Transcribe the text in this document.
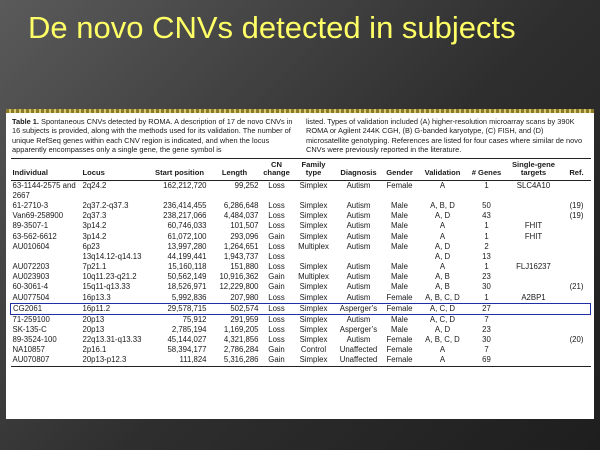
De novo CNVs detected in subjects
Table 1. Spontaneous CNVs detected by ROMA. A description of 17 de novo CNVs in 16 subjects is provided, along with the methods used for its validation. The number of unique RefSeq genes within each CNV region is indicated, and when the locus apparently encompasses only a single gene, the gene symbol is
listed. Types of validation included (A) higher-resolution microarray scans by 390K ROMA or Agilent 244K CGH, (B) G-banded karyotype, (C) FISH, and (D) microsatellite genotyping. References are listed for four cases where similar de novo CNVs were previously reported in the literature.
Individual	Locus	Start position	Length	CN change	Family type	Diagnosis	Gender	Validation	# Genes	Single-gene targets	Ref.
63-1144-2575 and	2q24.2	162,212,720	99,252	Loss	Simplex	Autism	Female	A	1	SLC4A10	
2667											
61-2710-3	2q37.2-q37.3	236,414,455	6,286,648	Loss	Simplex	Autism	Male	A, B, D	50		(19)
Van69-258900	2q37.3	238,217,066	4,484,037	Loss	Simplex	Autism	Male	A, D	43		(19)
89-3507-1	3p14.2	60,746,033	101,507	Loss	Simplex	Autism	Male	A	1	FHIT	
63-562-6612	3p14.2	61,072,100	293,096	Gain	Simplex	Autism	Male	A	1	FHIT	
AU010604	6p23	13,997,280	1,264,651	Loss	Multiplex	Autism	Male	A, D	2		
	13q14.12-q14.13	44,199,441	1,943,737	Loss				A, D	13		
AU072203	7p21.1	15,160,118	151,880	Loss	Simplex	Autism	Male	A	1	FLJ16237	
AU023903	10q11.23-q21.2	50,562,149	10,916,362	Gain	Multiplex	Autism	Male	A, B	23		
60-3061-4	15q11-q13.33	18,526,971	12,229,800	Gain	Simplex	Autism	Male	A, B	30		(21)
AU077504	16p13.3	5,992,836	207,980	Loss	Simplex	Autism	Female	A, B, C, D	1	A2BP1	
CG2061	16p11.2	29,578,715	502,574	Loss	Simplex	Asperger’s	Female	A, C, D	27		
71-259100	20p13	75,912	291,959	Loss	Simplex	Autism	Male	A, C, D	7		
SK-135-C	20p13	2,785,194	1,169,205	Loss	Simplex	Asperger’s	Male	A, D	23		
89-3524-100	22q13.31-q13.33	45,144,027	4,321,856	Loss	Simplex	Autism	Female	A, B, C, D	30		(20)
NA10857	2p16.1	58,394,177	2,786,284	Gain	Control	Unaffected	Female	A	7		
AU070807	20p13-p12.3	111,824	5,316,286	Gain	Simplex	Unaffected	Female	A	69		
